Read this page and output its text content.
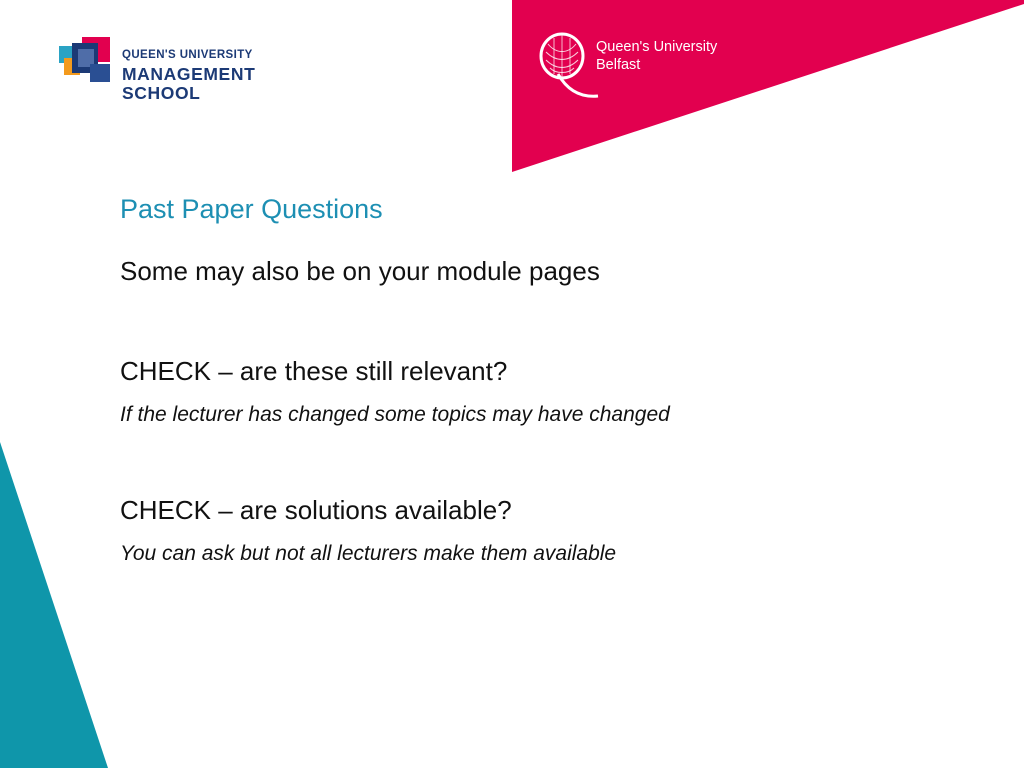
QUEEN'S UNIVERSITY
MANAGEMENT
SCHOOL
Queen's University
Belfast
Past Paper Questions
Some may also be on your module pages
CHECK – are these still relevant?
If the lecturer has changed some topics may have changed
CHECK – are solutions available?
You can ask but not all lecturers make them available
